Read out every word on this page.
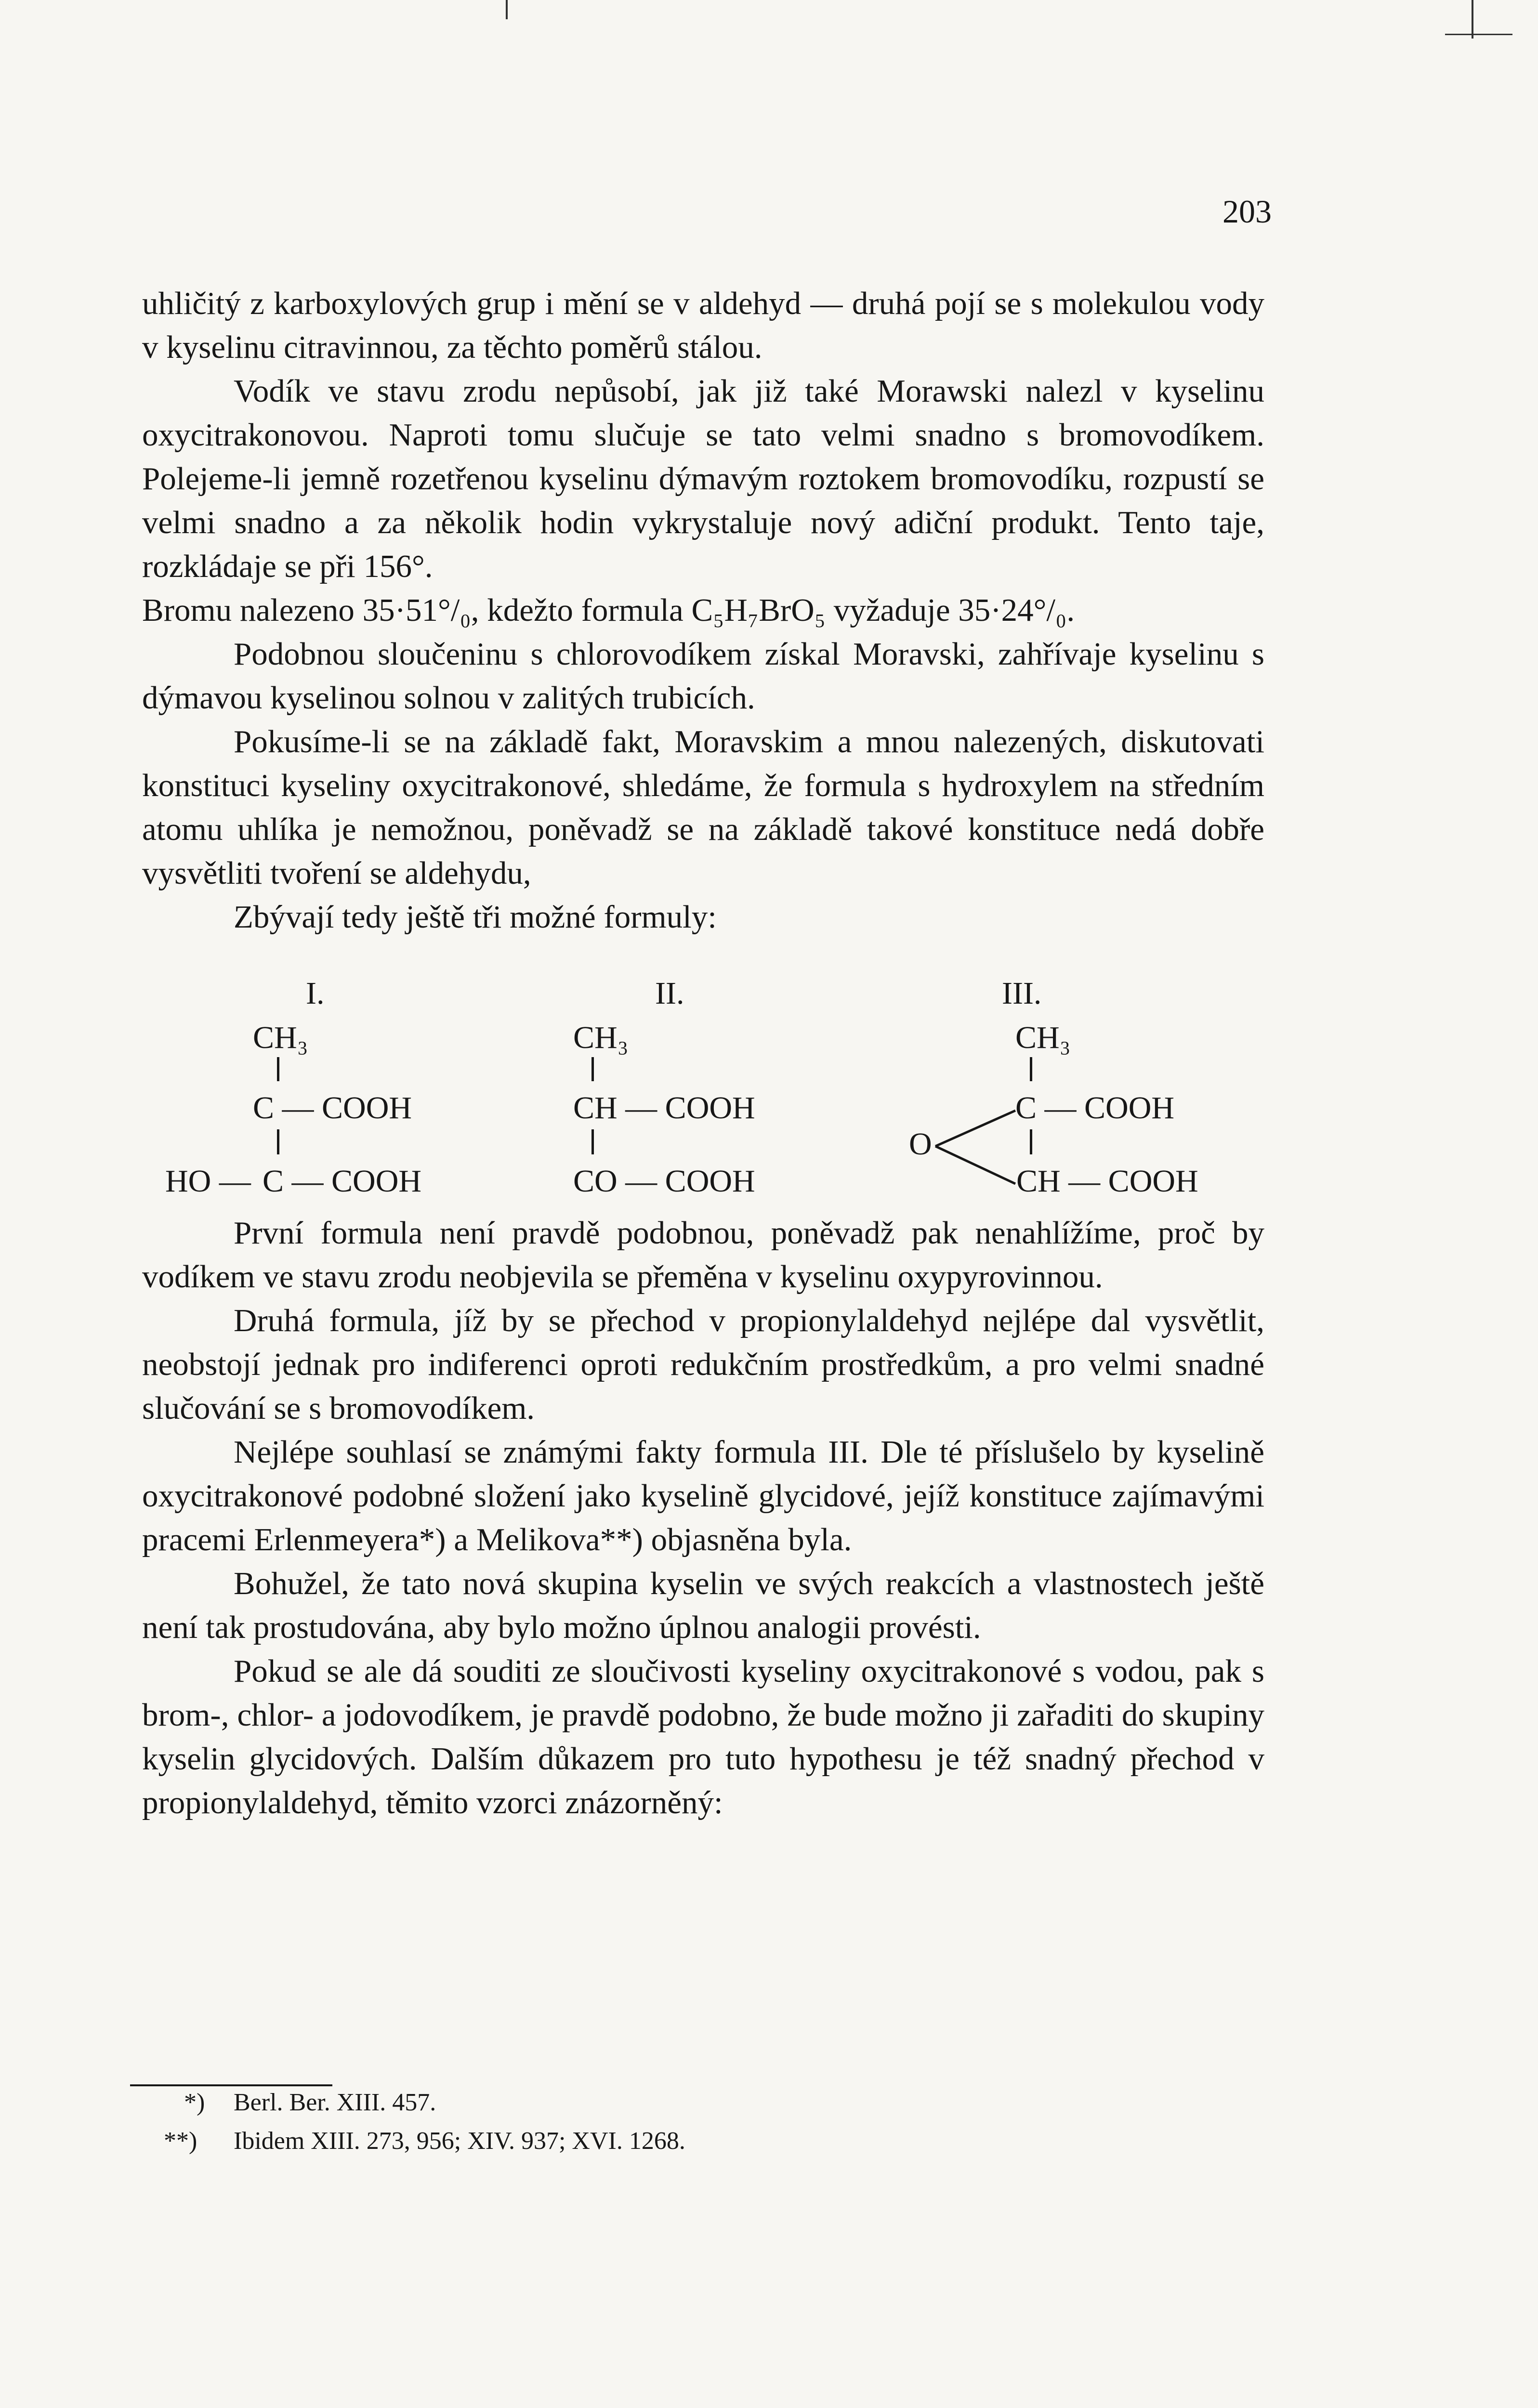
203

uhličitý z karboxylových grup i mění se v aldehyd — druhá pojí se s molekulou vody v kyselinu citravinnou, za těchto poměrů stálou.

Vodík ve stavu zrodu nepůsobí, jak již také Morawski nalezl v kyselinu oxycitrakonovou. Naproti tomu slučuje se tato velmi snadno s bromovodíkem. Polejeme-li jemně rozetřenou kyselinu dýmavým roztokem bromovodíku, rozpustí se velmi snadno a za několik hodin vykrystaluje nový adiční produkt. Tento taje, rozkládaje se při 156°.

Bromu nalezeno 35·51°/₀, kdežto formula C₅H₇BrO₅ vyžaduje 35·24°/₀.

Podobnou sloučeninu s chlorovodíkem získal Moravski, zahřívaje kyselinu s dýmavou kyselinou solnou v zalitých trubicích.

Pokusíme-li se na základě fakt, Moravskim a mnou nalezených, diskutovati konstituci kyseliny oxycitrakonové, shledáme, že formula s hydroxylem na středním atomu uhlíka je nemožnou, poněvadž se na základě takové konstituce nedá dobře vysvětliti tvoření se aldehydu,

Zbývají tedy ještě tři možné formuly:

I.
CH₃
C — COOH
HO — C — COOH
II.
CH₃
CH — COOH
CO — COOH
III.
CH₃
C — COOH
O
CH — COOH

První formula není pravdě podobnou, poněvadž pak nenahlížíme, proč by vodíkem ve stavu zrodu neobjevila se přeměna v kyselinu oxypyrovinnou.

Druhá formula, jíž by se přechod v propionylaldehyd nejlépe dal vysvětlit, neobstojí jednak pro indiferenci oproti redukčním prostředkům, a pro velmi snadné slučování se s bromovodíkem.

Nejlépe souhlasí se známými fakty formula III. Dle té příslušelo by kyselině oxycitrakonové podobné složení jako kyselině glycidové, jejíž konstituce zajímavými pracemi Erlenmeyera*) a Melikova**) objasněna byla.

Bohužel, že tato nová skupina kyselin ve svých reakcích a vlastnostech ještě není tak prostudována, aby bylo možno úplnou analogii provésti.

Pokud se ale dá souditi ze sloučivosti kyseliny oxycitrakonové s vodou, pak s brom-, chlor- a jodovodíkem, je pravdě podobno, že bude možno ji zařaditi do skupiny kyselin glycidových. Dalším důkazem pro tuto hypothesu je též snadný přechod v propionylaldehyd, těmito vzorci znázorněný:

*) Berl. Ber. XIII. 457.
**) Ibidem XIII. 273, 956; XIV. 937; XVI. 1268.
